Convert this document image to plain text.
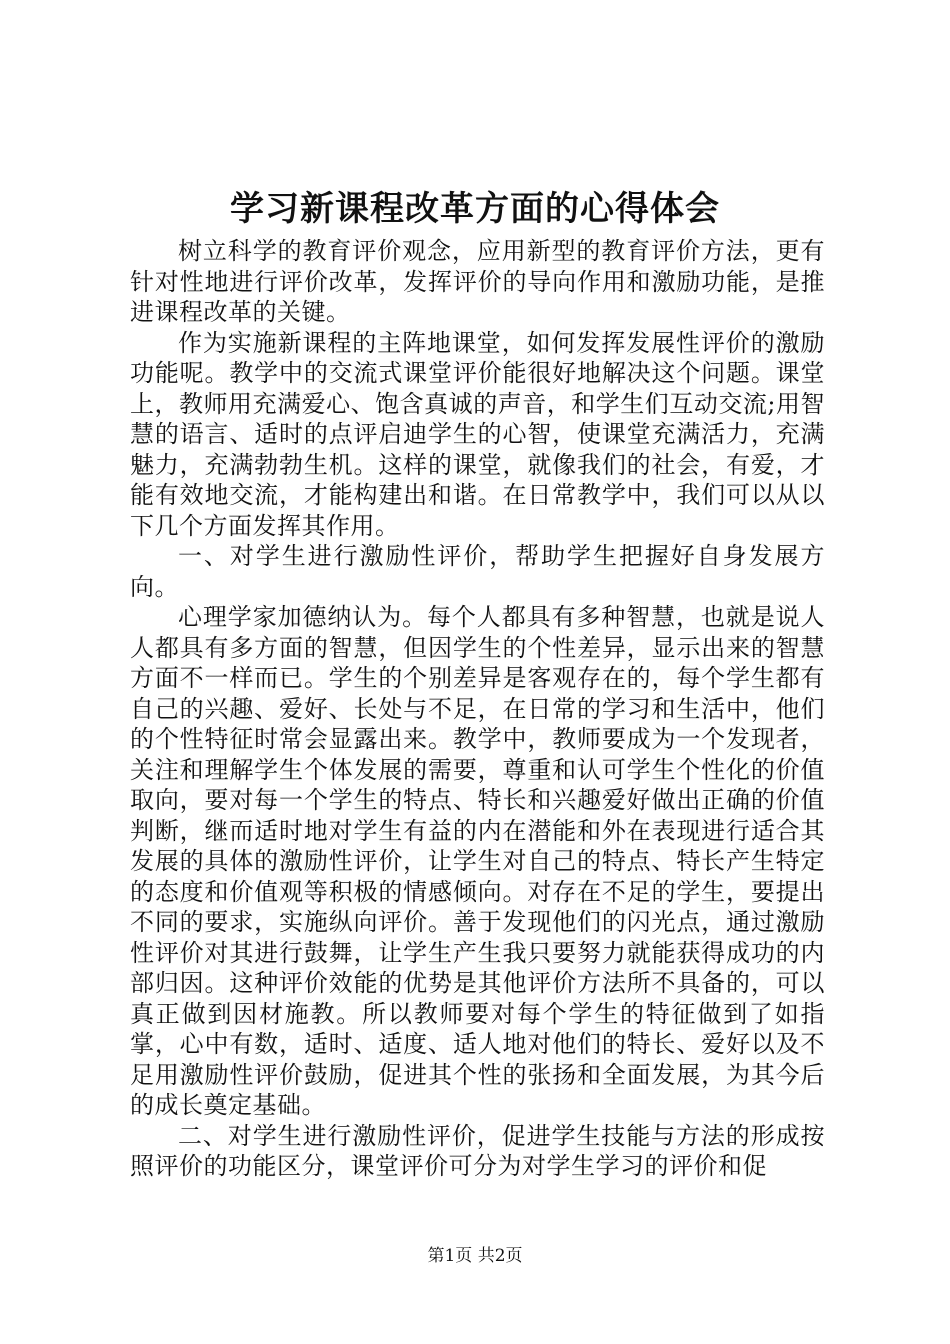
学习新课程改革方面的心得体会

树立科学的教育评价观念，应用新型的教育评价方法，更有针对性地进行评价改革，发挥评价的导向作用和激励功能，是推进课程改革的关键。

作为实施新课程的主阵地课堂，如何发挥发展性评价的激励功能呢。教学中的交流式课堂评价能很好地解决这个问题。课堂上，教师用充满爱心、饱含真诚的声音，和学生们互动交流;用智慧的语言、适时的点评启迪学生的心智，使课堂充满活力，充满魅力，充满勃勃生机。这样的课堂，就像我们的社会，有爱，才能有效地交流，才能构建出和谐。在日常教学中，我们可以从以下几个方面发挥其作用。

一、对学生进行激励性评价，帮助学生把握好自身发展方向。

心理学家加德纳认为。每个人都具有多种智慧，也就是说人人都具有多方面的智慧，但因学生的个性差异，显示出来的智慧方面不一样而已。学生的个别差异是客观存在的，每个学生都有自己的兴趣、爱好、长处与不足，在日常的学习和生活中，他们的个性特征时常会显露出来。教学中，教师要成为一个发现者，关注和理解学生个体发展的需要，尊重和认可学生个性化的价值取向，要对每一个学生的特点、特长和兴趣爱好做出正确的价值判断，继而适时地对学生有益的内在潜能和外在表现进行适合其发展的具体的激励性评价，让学生对自己的特点、特长产生特定的态度和价值观等积极的情感倾向。对存在不足的学生，要提出不同的要求，实施纵向评价。善于发现他们的闪光点，通过激励性评价对其进行鼓舞，让学生产生我只要努力就能获得成功的内部归因。这种评价效能的优势是其他评价方法所不具备的，可以真正做到因材施教。所以教师要对每个学生的特征做到了如指掌，心中有数，适时、适度、适人地对他们的特长、爱好以及不足用激励性评价鼓励，促进其个性的张扬和全面发展，为其今后的成长奠定基础。

二、对学生进行激励性评价，促进学生技能与方法的形成按照评价的功能区分，课堂评价可分为对学生学习的评价和促

第1页 共2页
